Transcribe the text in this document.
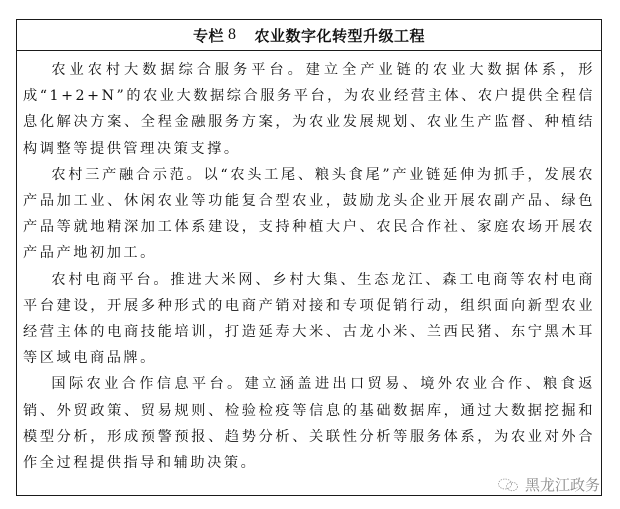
专栏 8 农业数字化转型升级工程

农业农村大数据综合服务平台。建立全产业链的农业大数据体系，形成“1+2+N”的农业大数据综合服务平台，为农业经营主体、农户提供全程信息化解决方案、全程金融服务方案，为农业发展规划、农业生产监督、种植结构调整等提供管理决策支撑。

农村三产融合示范。以“农头工尾、粮头食尾”产业链延伸为抓手，发展农产品加工业、休闲农业等功能复合型农业，鼓励龙头企业开展农副产品、绿色产品等就地精深加工体系建设，支持种植大户、农民合作社、家庭农场开展农产品产地初加工。

农村电商平台。推进大米网、乡村大集、生态龙江、森工电商等农村电商平台建设，开展多种形式的电商产销对接和专项促销行动，组织面向新型农业经营主体的电商技能培训，打造延寿大米、古龙小米、兰西民猪、东宁黑木耳等区域电商品牌。

国际农业合作信息平台。建立涵盖进出口贸易、境外农业合作、粮食返销、外贸政策、贸易规则、检验检疫等信息的基础数据库，通过大数据挖掘和模型分析，形成预警预报、趋势分析、关联性分析等服务体系，为农业对外合作全过程提供指导和辅助决策。

黑龙江政务
